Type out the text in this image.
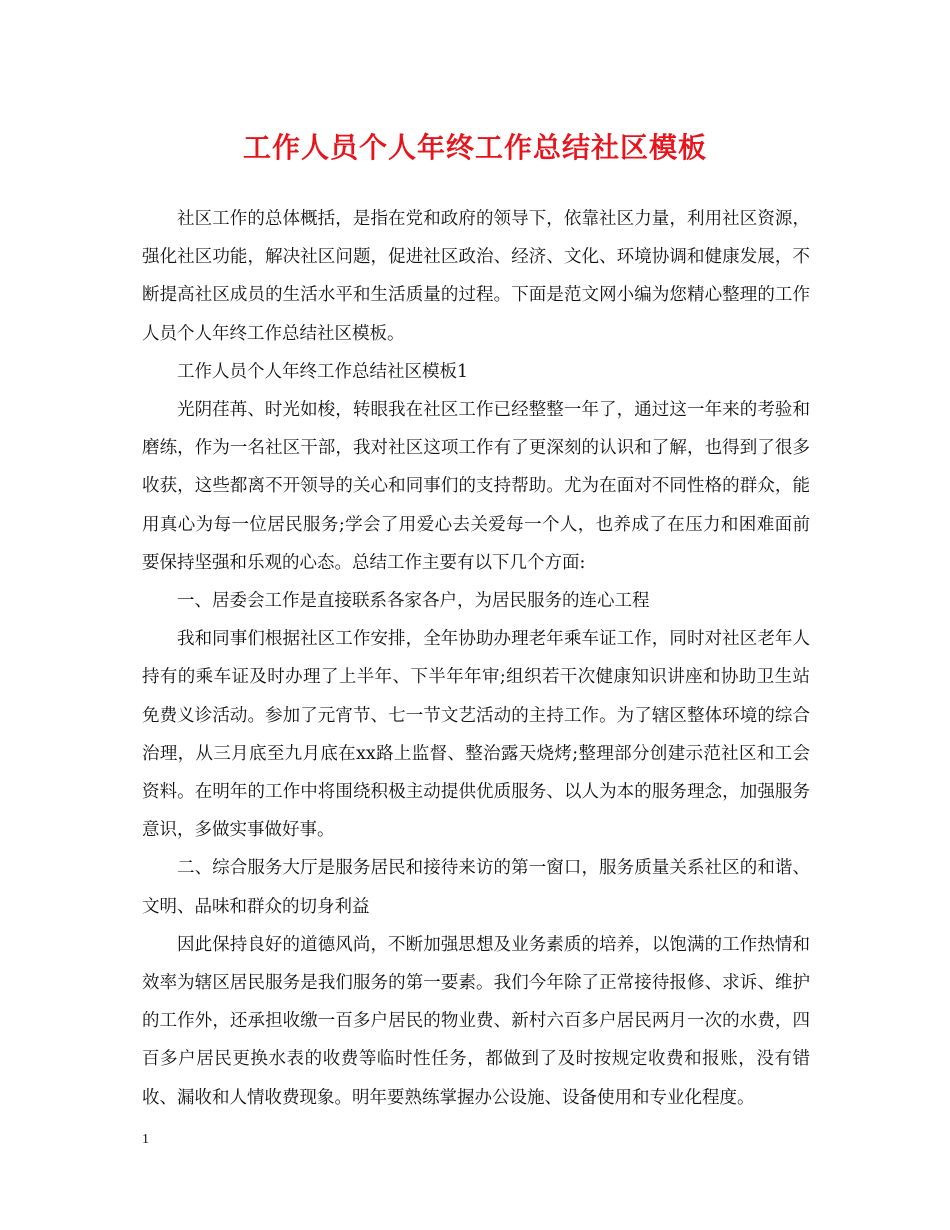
工作人员个人年终工作总结社区模板

社区工作的总体概括，是指在党和政府的领导下，依靠社区力量，利用社区资源，强化社区功能，解决社区问题，促进社区政治、经济、文化、环境协调和健康发展，不断提高社区成员的生活水平和生活质量的过程。下面是范文网小编为您精心整理的工作人员个人年终工作总结社区模板。

工作人员个人年终工作总结社区模板1

光阴荏苒、时光如梭，转眼我在社区工作已经整整一年了，通过这一年来的考验和磨练，作为一名社区干部，我对社区这项工作有了更深刻的认识和了解，也得到了很多收获，这些都离不开领导的关心和同事们的支持帮助。尤为在面对不同性格的群众，能用真心为每一位居民服务;学会了用爱心去关爱每一个人，也养成了在压力和困难面前要保持坚强和乐观的心态。总结工作主要有以下几个方面:

一、居委会工作是直接联系各家各户，为居民服务的连心工程

我和同事们根据社区工作安排，全年协助办理老年乘车证工作，同时对社区老年人持有的乘车证及时办理了上半年、下半年年审;组织若干次健康知识讲座和协助卫生站免费义诊活动。参加了元宵节、七一节文艺活动的主持工作。为了辖区整体环境的综合治理，从三月底至九月底在xx路上监督、整治露天烧烤;整理部分创建示范社区和工会资料。在明年的工作中将围绕积极主动提供优质服务、以人为本的服务理念，加强服务意识，多做实事做好事。

二、综合服务大厅是服务居民和接待来访的第一窗口，服务质量关系社区的和谐、文明、品味和群众的切身利益

因此保持良好的道德风尚，不断加强思想及业务素质的培养，以饱满的工作热情和效率为辖区居民服务是我们服务的第一要素。我们今年除了正常接待报修、求诉、维护的工作外，还承担收缴一百多户居民的物业费、新村六百多户居民两月一次的水费，四百多户居民更换水表的收费等临时性任务，都做到了及时按规定收费和报账，没有错收、漏收和人情收费现象。明年要熟练掌握办公设施、设备使用和专业化程度。

1
